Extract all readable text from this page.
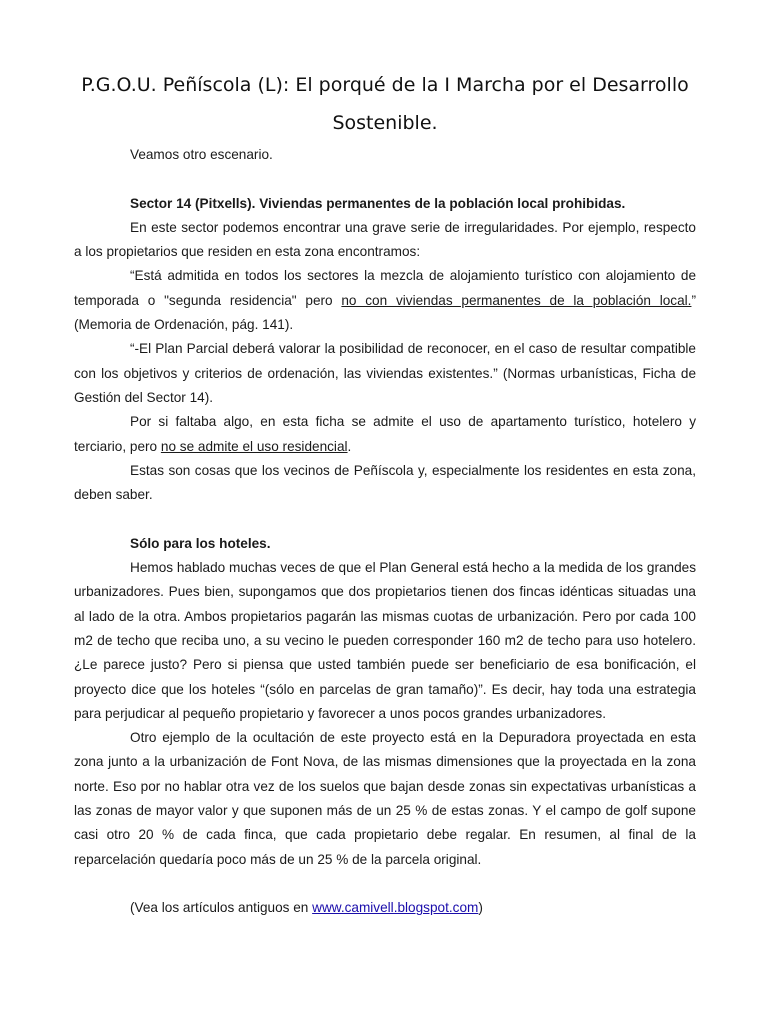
P.G.O.U. Peñíscola (L): El porqué de la I Marcha por el Desarrollo Sostenible.

Veamos otro escenario.

Sector 14 (Pitxells). Viviendas permanentes de la población local prohibidas.

En este sector podemos encontrar una grave serie de irregularidades. Por ejemplo, respecto a los propietarios que residen en esta zona encontramos:

“Está admitida en todos los sectores la mezcla de alojamiento turístico con alojamiento de temporada o "segunda residencia" pero no con viviendas permanentes de la población local.” (Memoria de Ordenación, pág. 141).

“-El Plan Parcial deberá valorar la posibilidad de reconocer, en el caso de resultar compatible con los objetivos y criterios de ordenación, las viviendas existentes.” (Normas urbanísticas, Ficha de Gestión del Sector 14).

Por si faltaba algo, en esta ficha se admite el uso de apartamento turístico, hotelero y terciario, pero no se admite el uso residencial.

Estas son cosas que los vecinos de Peñíscola y, especialmente los residentes en esta zona, deben saber.

Sólo para los hoteles.

Hemos hablado muchas veces de que el Plan General está hecho a la medida de los grandes urbanizadores. Pues bien, supongamos que dos propietarios tienen dos fincas idénticas situadas una al lado de la otra. Ambos propietarios pagarán las mismas cuotas de urbanización. Pero por cada 100 m2 de techo que reciba uno, a su vecino le pueden corresponder 160 m2 de techo para uso hotelero. ¿Le parece justo? Pero si piensa que usted también puede ser beneficiario de esa bonificación, el proyecto dice que los hoteles “(sólo en parcelas de gran tamaño)”. Es decir, hay toda una estrategia para perjudicar al pequeño propietario y favorecer a unos pocos grandes urbanizadores.

Otro ejemplo de la ocultación de este proyecto está en la Depuradora proyectada en esta zona junto a la urbanización de Font Nova, de las mismas dimensiones que la proyectada en la zona norte. Eso por no hablar otra vez de los suelos que bajan desde zonas sin expectativas urbanísticas a las zonas de mayor valor y que suponen más de un 25 % de estas zonas. Y el campo de golf supone casi otro 20 % de cada finca, que cada propietario debe regalar. En resumen, al final de la reparcelación quedaría poco más de un 25 % de la parcela original.

(Vea los artículos antiguos en www.camivell.blogspot.com)
